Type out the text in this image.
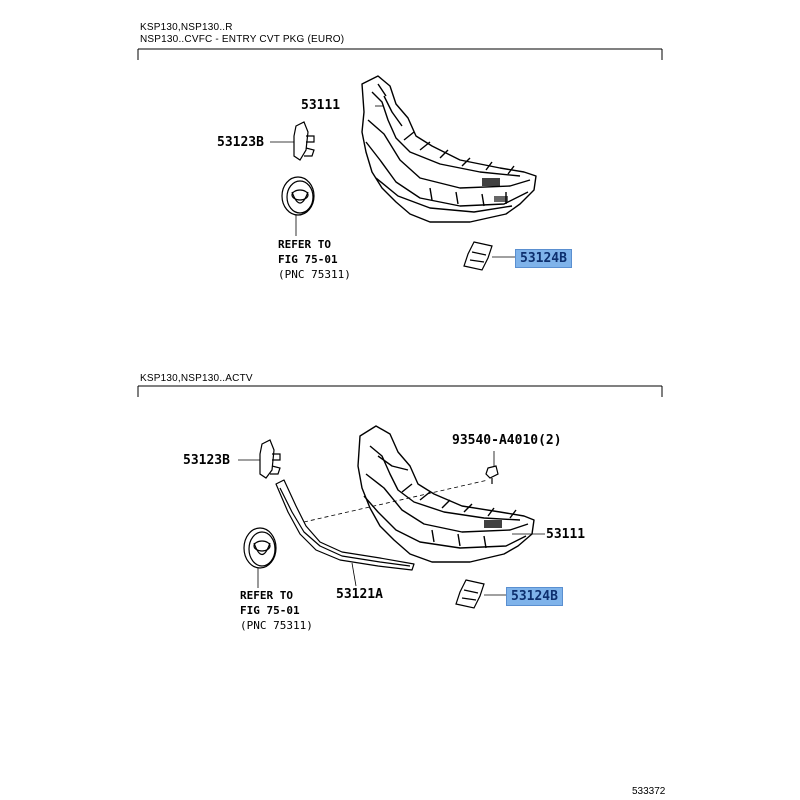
KSP130,NSP130..R
NSP130..CVFC - ENTRY CVT PKG (EURO)
53111
53123B
53124B
REFER TO
FIG 75-01
(PNC 75311)
KSP130,NSP130..ACTV
53123B
93540-A4010(2)
53111
53121A	53124B
REFER TO
FIG 75-01
(PNC 75311)
533372
